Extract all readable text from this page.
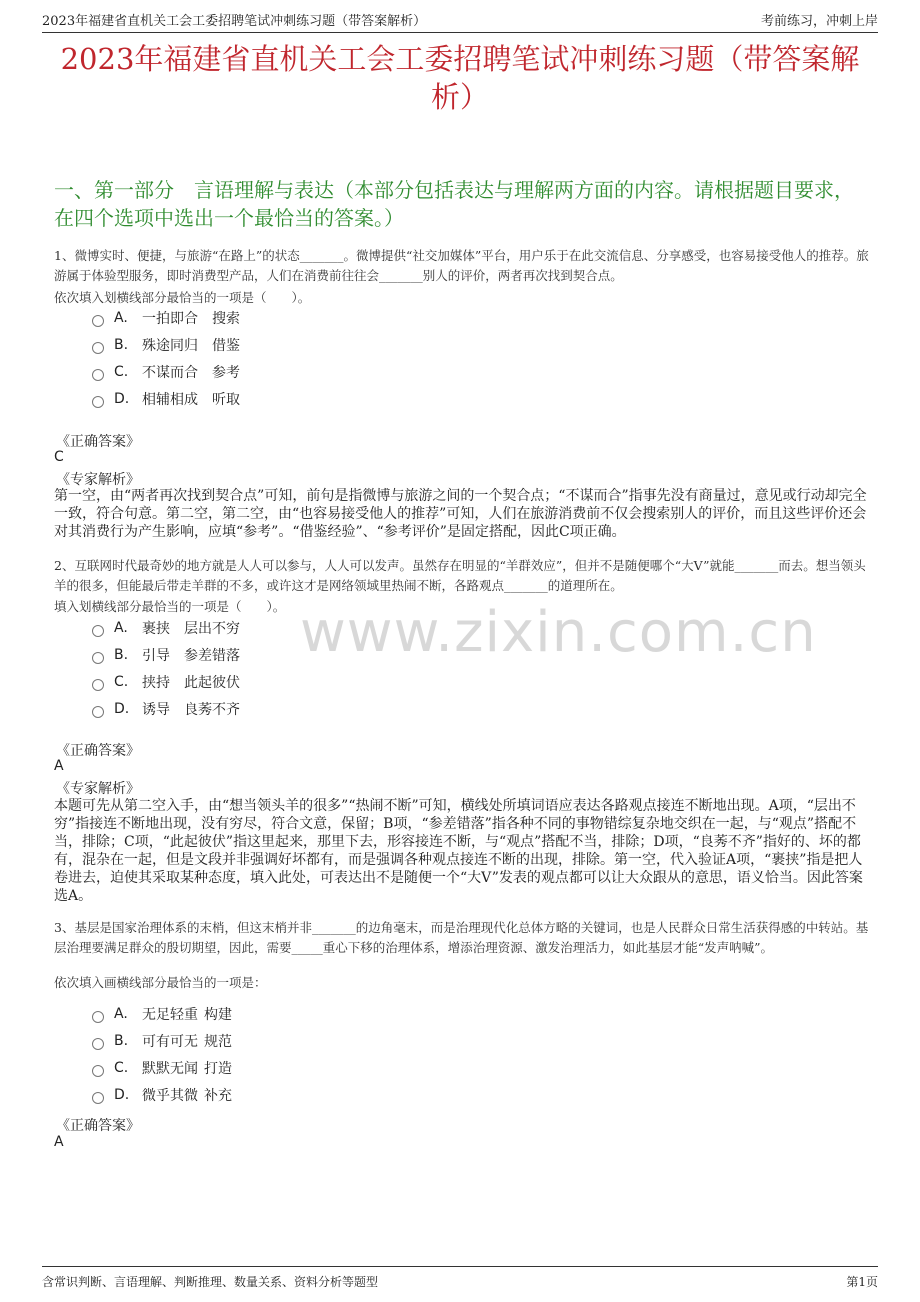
2023年福建省直机关工会工委招聘笔试冲刺练习题（带答案解析）	考前练习，冲刺上岸
2023年福建省直机关工会工委招聘笔试冲刺练习题（带答案解析）
一、第一部分　言语理解与表达（本部分包括表达与理解两方面的内容。请根据题目要求，在四个选项中选出一个最恰当的答案。）
www.zixin.com.cn
1、微博实时、便捷，与旅游“在路上”的状态_______。微博提供“社交加媒体”平台，用户乐于在此交流信息、分享感受，也容易接受他人的推荐。旅游属于体验型服务，即时消费型产品，人们在消费前往往会_______别人的评价，两者再次找到契合点。
依次填入划横线部分最恰当的一项是（　　）。
A.	一拍即合 搜索
B. 殊途同归 借鉴
C. 不谋而合 参考
D. 相辅相成 听取
《正确答案》
C
《专家解析》
第一空，由“两者再次找到契合点”可知，前句是指微博与旅游之间的一个契合点；“不谋而合”指事先没有商量过，意见或行动却完全一致，符合句意。第二空，第二空，由“也容易接受他人的推荐”可知，人们在旅游消费前不仅会搜索别人的评价，而且这些评价还会对其消费行为产生影响，应填“参考”。“借鉴经验”、“参考评价”是固定搭配，因此C项正确。
2、互联网时代最奇妙的地方就是人人可以参与，人人可以发声。虽然存在明显的“羊群效应”，但并不是随便哪个“大V”就能_______而去。想当领头羊的很多，但能最后带走羊群的不多，或许这才是网络领域里热闹不断，各路观点_______的道理所在。
填入划横线部分最恰当的一项是（　　）。
A.	裹挟 层出不穷
B. 引导 参差错落
C. 挟持 此起彼伏
D. 诱导 良莠不齐
《正确答案》
A
《专家解析》
本题可先从第二空入手，由“想当领头羊的很多”“热闹不断”可知，横线处所填词语应表达各路观点接连不断地出现。A项，“层出不穷”指接连不断地出现，没有穷尽，符合文意，保留；B项，“参差错落”指各种不同的事物错综复杂地交织在一起，与“观点”搭配不当，排除；C项，“此起彼伏”指这里起来，那里下去，形容接连不断，与“观点”搭配不当，排除；D项，“良莠不齐”指好的、坏的都有，混杂在一起，但是文段并非强调好坏都有，而是强调各种观点接连不断的出现，排除。第一空，代入验证A项，“裹挟”指是把人卷进去，迫使其采取某种态度，填入此处，可表达出不是随便一个“大V”发表的观点都可以让大众跟从的意思，语义恰当。因此答案选A。
3、基层是国家治理体系的末梢，但这末梢并非_______的边角毫末，而是治理现代化总体方略的关键词，也是人民群众日常生活获得感的中转站。基层治理要满足群众的殷切期望，因此，需要_____重心下移的治理体系，增添治理资源、激发治理活力，如此基层才能“发声呐喊”。
依次填入画横线部分最恰当的一项是：
A.	无足轻重 构建
B. 可有可无 规范
C. 默默无闻 打造
D. 微乎其微 补充
《正确答案》
A
含常识判断、言语理解、判断推理、数量关系、资料分析等题型	第1页
